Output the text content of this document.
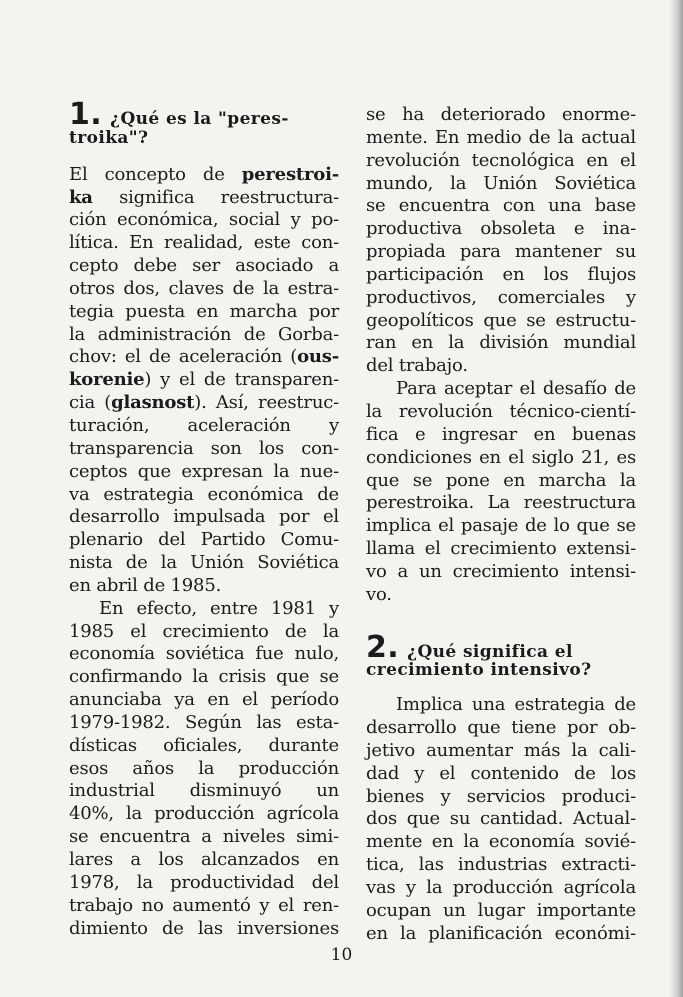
1. ¿Qué es la "peres-
troika"?
El concepto de perestroi-
ka significa reestructura-
ción económica, social y po-
lítica. En realidad, este con-
cepto debe ser asociado a
otros dos, claves de la estra-
tegia puesta en marcha por
la administración de Gorba-
chov: el de aceleración (ous-
korenie) y el de transparen-
cia (glasnost). Así, reestruc-
turación, aceleración y
transparencia son los con-
ceptos que expresan la nue-
va estrategia económica de
desarrollo impulsada por el
plenario del Partido Comu-
nista de la Unión Soviética
en abril de 1985.
En efecto, entre 1981 y
1985 el crecimiento de la
economía soviética fue nulo,
confirmando la crisis que se
anunciaba ya en el período
1979-1982. Según las esta-
dísticas oficiales, durante
esos años la producción
industrial disminuyó un
40%, la producción agrícola
se encuentra a niveles simi-
lares a los alcanzados en
1978, la productividad del
trabajo no aumentó y el ren-
dimiento de las inversiones
se ha deteriorado enorme-
mente. En medio de la actual
revolución tecnológica en el
mundo, la Unión Soviética
se encuentra con una base
productiva obsoleta e ina-
propiada para mantener su
participación en los flujos
productivos, comerciales y
geopolíticos que se estructu-
ran en la división mundial
del trabajo.
Para aceptar el desafío de
la revolución técnico-cientí-
fica e ingresar en buenas
condiciones en el siglo 21, es
que se pone en marcha la
perestroika. La reestructura
implica el pasaje de lo que se
llama el crecimiento extensi-
vo a un crecimiento intensi-
vo.
2. ¿Qué significa el
crecimiento intensivo?
Implica una estrategia de
desarrollo que tiene por ob-
jetivo aumentar más la cali-
dad y el contenido de los
bienes y servicios produci-
dos que su cantidad. Actual-
mente en la economía sovié-
tica, las industrias extracti-
vas y la producción agrícola
ocupan un lugar importante
en la planificación económi-
10
